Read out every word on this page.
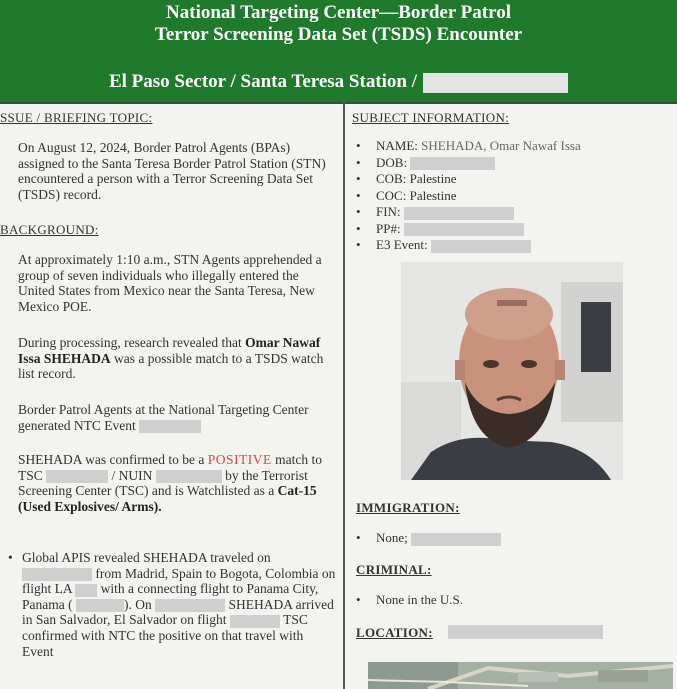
National Targeting Center—Border Patrol
Terror Screening Data Set (TSDS) Encounter
El Paso Sector / Santa Teresa Station /
SSUE / BRIEFING TOPIC:
On August 12, 2024, Border Patrol Agents (BPAs) assigned to the Santa Teresa Border Patrol Station (STN) encountered a person with a Terror Screening Data Set (TSDS) record.
BACKGROUND:
At approximately 1:10 a.m., STN Agents apprehended a group of seven individuals who illegally entered the United States from Mexico near the Santa Teresa, New Mexico POE.
During processing, research revealed that Omar Nawaf Issa SHEHADA was a possible match to a TSDS watch list record.
Border Patrol Agents at the National Targeting Center generated NTC Event
SHEHADA was confirmed to be a POSITIVE match to TSC	/ NUIN	by the Terrorist Screening Center (TSC) and is Watchlisted as a Cat-15 (Used Explosives/ Arms).
• Global APIS revealed SHEHADA traveled on  from Madrid, Spain to Bogota, Colombia on flight LA with a connecting flight to Panama City, Panama (	). On	SHEHADA arrived in San Salvador, El Salvador on flight	TSC confirmed with NTC the positive on that travel with Event
SUBJECT INFORMATION:
• NAME: SHEHADA, Omar Nawaf Issa
• DOB:
• COB: Palestine
• COC: Palestine
• FIN:
• PP#:
• E3 Event:
IMMIGRATION:
• None;
CRIMINAL:
• None in the U.S.
LOCATION:
